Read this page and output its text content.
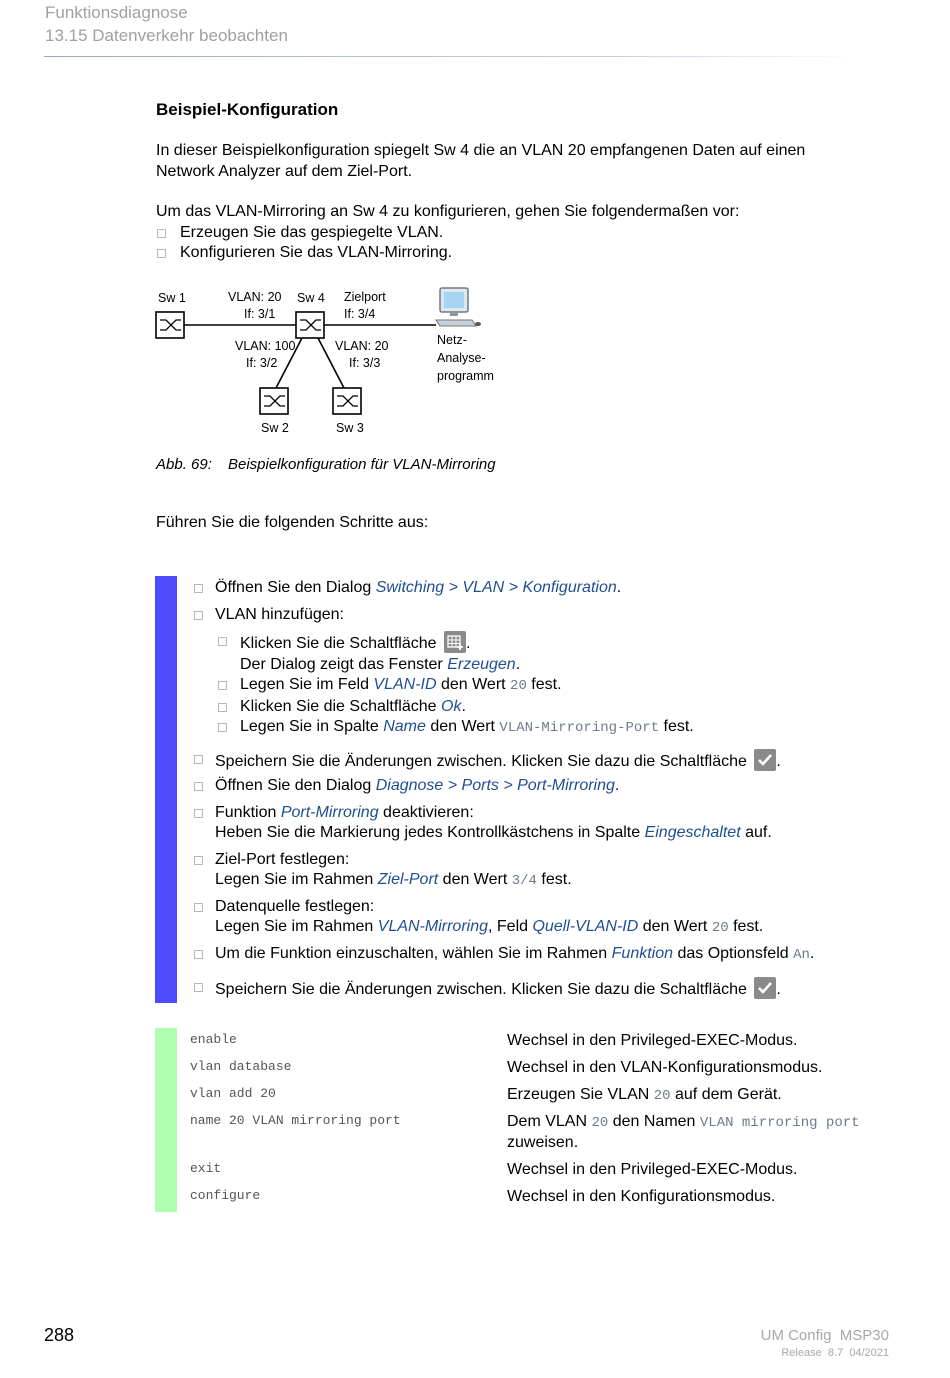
Funktionsdiagnose
13.15 Datenverkehr beobachten
Beispiel-Konfiguration
In dieser Beispielkonfiguration spiegelt Sw 4 die an VLAN 20 empfangenen Daten auf einen
Network Analyzer auf dem Ziel-Port.
Um das VLAN-Mirroring an Sw 4 zu konfigurieren, gehen Sie folgendermaßen vor:
Erzeugen Sie das gespiegelte VLAN.
Konfigurieren Sie das VLAN-Mirroring.
Sw 1	VLAN: 20
If: 3/1
Sw 4 Zielport
If: 3/4
VLAN: 100
If: 3/2
VLAN: 20
If: 3/3
Netz-
Analyse-
programm
Sw 2	Sw 3
Abb. 69: Beispielkonfiguration für VLAN-Mirroring
Führen Sie die folgenden Schritte aus:
Öffnen Sie den Dialog Switching > VLAN > Konfiguration.
VLAN hinzufügen:
Klicken Sie die Schaltfläche .
Der Dialog zeigt das Fenster Erzeugen.
Legen Sie im Feld VLAN-ID den Wert 20 fest.
Klicken Sie die Schaltfläche Ok.
Legen Sie in Spalte Name den Wert VLAN-Mirroring-Port fest.
Speichern Sie die Änderungen zwischen. Klicken Sie dazu die Schaltfläche .
Öffnen Sie den Dialog Diagnose > Ports > Port-Mirroring.
Funktion Port-Mirroring deaktivieren:
Heben Sie die Markierung jedes Kontrollkästchens in Spalte Eingeschaltet auf.
Ziel-Port festlegen:
Legen Sie im Rahmen Ziel-Port den Wert 3/4 fest.
Datenquelle festlegen:
Legen Sie im Rahmen VLAN-Mirroring, Feld Quell-VLAN-ID den Wert 20 fest.
Um die Funktion einzuschalten, wählen Sie im Rahmen Funktion das Optionsfeld An.
Speichern Sie die Änderungen zwischen. Klicken Sie dazu die Schaltfläche .
enable	Wechsel in den Privileged-EXEC-Modus.
vlan database	Wechsel in den VLAN-Konfigurationsmodus.
vlan add 20	Erzeugen Sie VLAN 20 auf dem Gerät.
name 20 VLAN mirroring port	Dem VLAN 20 den Namen VLAN mirroring port
zuweisen.
exit	Wechsel in den Privileged-EXEC-Modus.
configure	Wechsel in den Konfigurationsmodus.
288	UM Config  MSP30
Release  8.7  04/2021
